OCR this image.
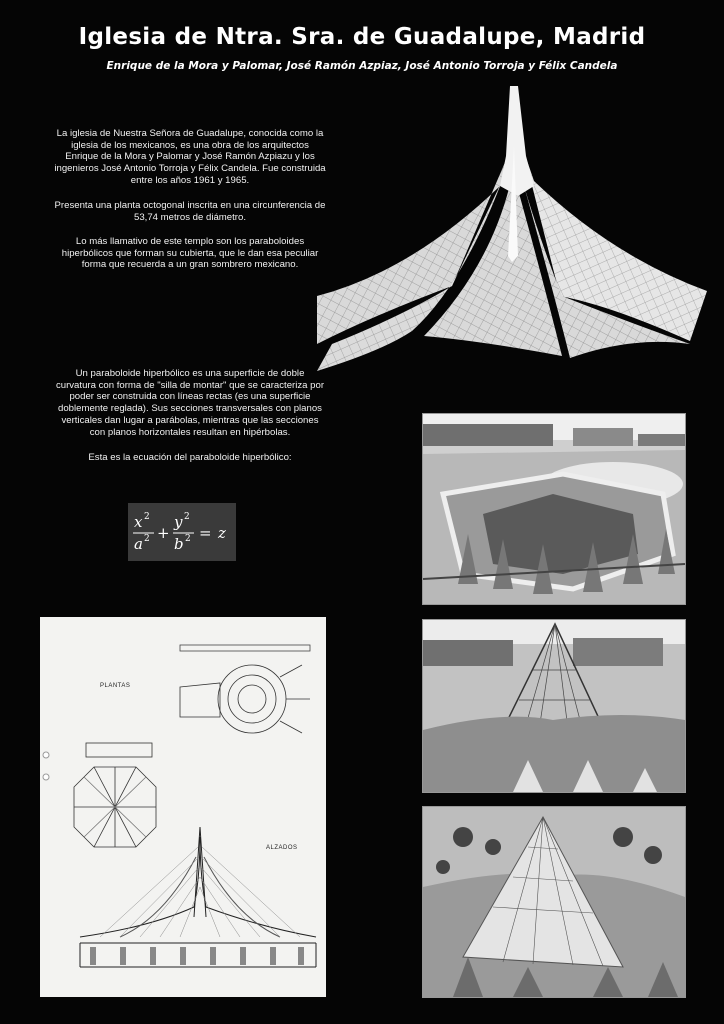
Iglesia de Ntra. Sra. de Guadalupe, Madrid
Enrique de la Mora y Palomar, José Ramón Azpiaz, José Antonio Torroja y Félix Candela
La iglesia de Nuestra Señora de Guadalupe, conocida como la
iglesia de los mexicanos, es una obra de los arquitectos
Enrique de la Mora y Palomar y José Ramón Azpiazu y los
ingenieros José Antonio Torroja y Félix Candela. Fue construida
entre los años 1961 y 1965.
Presenta una planta octogonal inscrita en una circunferencia de
53,74 metros de diámetro.
Lo más llamativo de este templo son los paraboloides
hiperbólicos que forman su cubierta, que le dan esa peculiar
forma que recuerda a un gran sombrero mexicano.
Un paraboloide hiperbólico es una superficie de doble
curvatura con forma de "silla de montar" que se caracteriza por
poder ser construida con líneas rectas (es una superficie
doblemente reglada). Sus secciones transversales con planos
verticales dan lugar a parábolas, mientras que las secciones
con planos horizontales resultan en hipérbolas.
Esta es la ecuación del paraboloide hiperbólico:
x 2
a 2 +
y 2
b 2 = z
PLANTAS
ALZADOS
